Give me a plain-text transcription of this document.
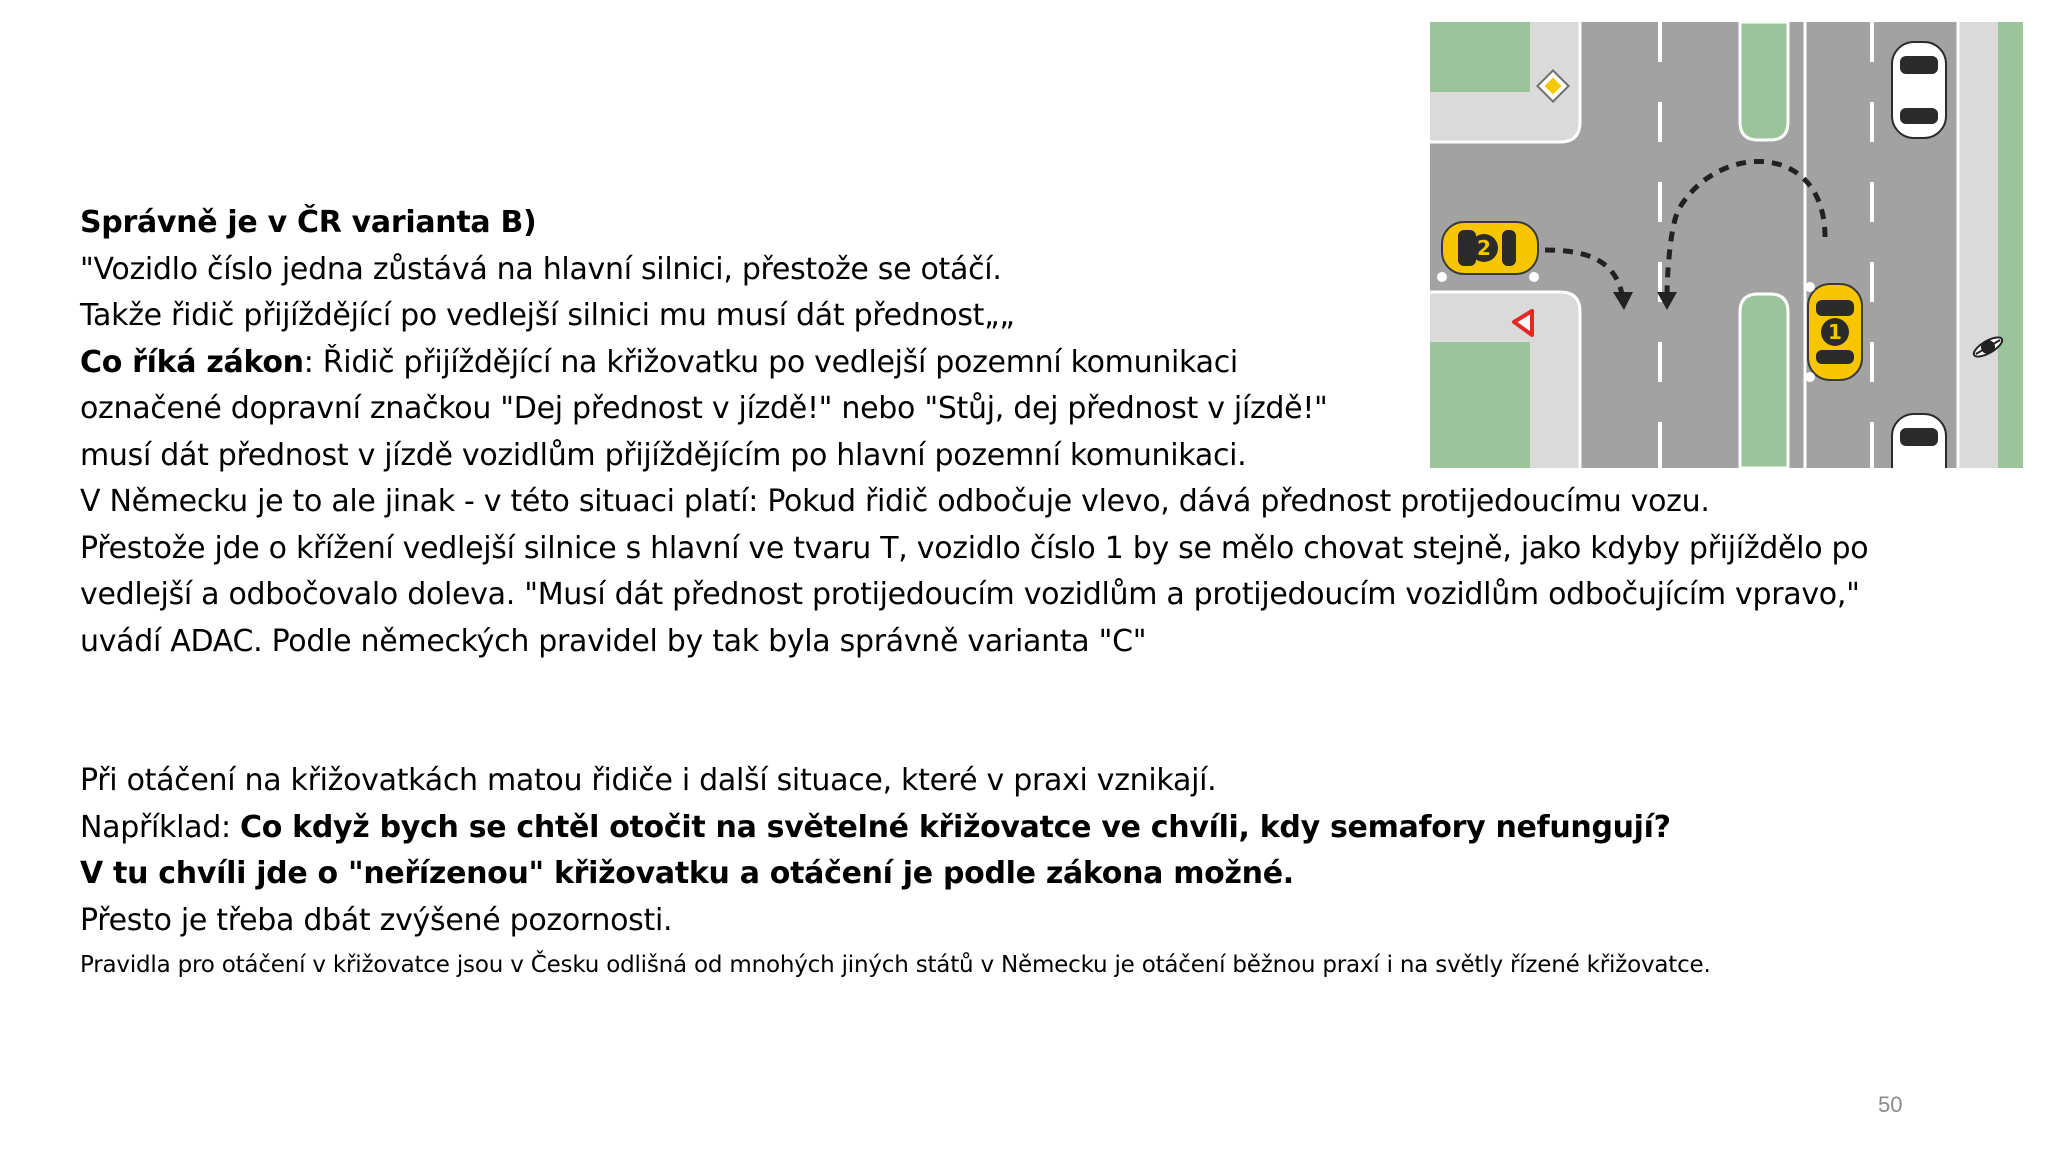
Správně je v ČR varianta B)
"Vozidlo číslo jedna zůstává na hlavní silnici, přestože se otáčí.
Takže řidič přijíždějící po vedlejší silnici mu musí dát přednost„„
Co říká zákon: Řidič přijíždějící na křižovatku po vedlejší pozemní komunikaci
označené dopravní značkou "Dej přednost v jízdě!" nebo "Stůj, dej přednost v jízdě!"
musí dát přednost v jízdě vozidlům přijíždějícím po hlavní pozemní komunikaci.
V Německu je to ale jinak - v této situaci platí: Pokud řidič odbočuje vlevo, dává přednost protijedoucímu vozu.
Přestože jde o křížení vedlejší silnice s hlavní ve tvaru T, vozidlo číslo 1 by se mělo chovat stejně, jako kdyby přijíždělo po
vedlejší a odbočovalo doleva. "Musí dát přednost protijedoucím vozidlům a protijedoucím vozidlům odbočujícím vpravo,"
uvádí ADAC. Podle německých pravidel by tak byla správně varianta "C"
Při otáčení na křižovatkách matou řidiče i další situace, které v praxi vznikají.
Například: Co když bych se chtěl otočit na světelné křižovatce ve chvíli, kdy semafory nefungují?
V tu chvíli jde o "neřízenou" křižovatku a otáčení je podle zákona možné.
Přesto je třeba dbát zvýšené pozornosti.
Pravidla pro otáčení v křižovatce jsou v Česku odlišná od mnohých jiných států v Německu je otáčení běžnou praxí i na světly řízené křižovatce.
2
1
50
